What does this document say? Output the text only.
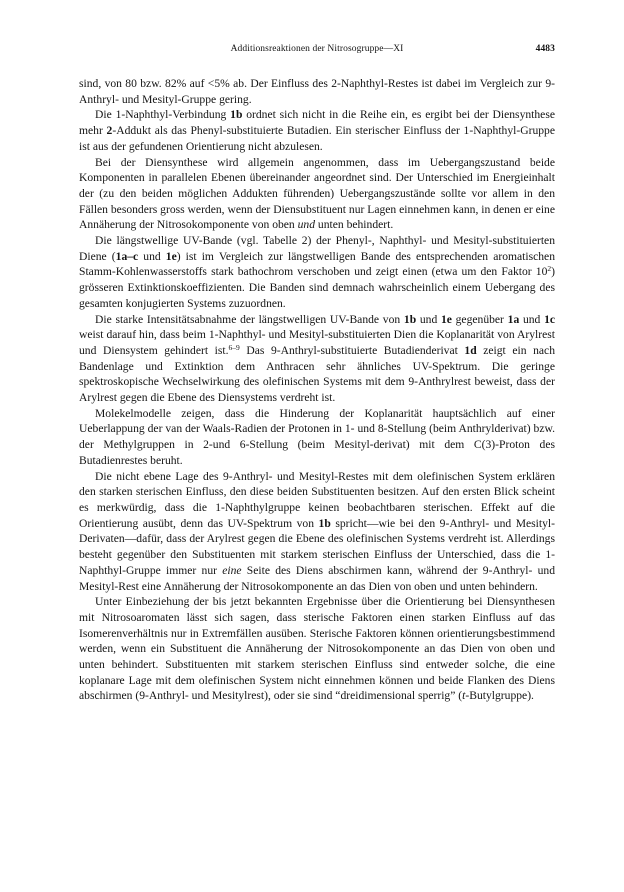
Additionsreaktionen der Nitrosogruppe—XI	4483

sind, von 80 bzw. 82% auf <5% ab. Der Einfluss des 2-Naphthyl-Restes ist dabei im Vergleich zur 9-Anthryl- und Mesityl-Gruppe gering.

Die 1-Naphthyl-Verbindung 1b ordnet sich nicht in die Reihe ein, es ergibt bei der Diensynthese mehr 2-Addukt als das Phenyl-substituierte Butadien. Ein sterischer Einfluss der 1-Naphthyl-Gruppe ist aus der gefundenen Orientierung nicht abzulesen.

Bei der Diensynthese wird allgemein angenommen, dass im Uebergangszustand beide Komponenten in parallelen Ebenen übereinander angeordnet sind. Der Unterschied im Energieinhalt der (zu den beiden möglichen Addukten führenden) Uebergangszustände sollte vor allem in den Fällen besonders gross werden, wenn der Diensubstituent nur Lagen einnehmen kann, in denen er eine Annäherung der Nitrosokomponente von oben und unten behindert.

Die längstwellige UV-Bande (vgl. Tabelle 2) der Phenyl-, Naphthyl- und Mesityl-substituierten Diene (1a–c und 1e) ist im Vergleich zur längstwelligen Bande des entsprechenden aromatischen Stamm-Kohlenwasserstoffs stark bathochrom verschoben und zeigt einen (etwa um den Faktor $10^2$) grösseren Extinktionskoeffizienten. Die Banden sind demnach wahrscheinlich einem Uebergang des gesamten konjugierten Systems zuzuordnen.

Die starke Intensitätsabnahme der längstwelligen UV-Bande von 1b und 1e gegenüber 1a und 1c weist darauf hin, dass beim 1-Naphthyl- und Mesityl-substituierten Dien die Koplanarität von Arylrest und Diensystem gehindert ist.$^{6-9}$ Das 9-Anthryl-substituierte Butadienderivat 1d zeigt ein nach Bandenlage und Extinktion dem Anthracen sehr ähnliches UV-Spektrum. Die geringe spektroskopische Wechselwirkung des olefinischen Systems mit dem 9-Anthrylrest beweist, dass der Arylrest gegen die Ebene des Diensystems verdreht ist.

Molekelmodelle zeigen, dass die Hinderung der Koplanarität hauptsächlich auf einer Ueberlappung der van der Waals-Radien der Protonen in 1- und 8-Stellung (beim Anthrylderivat) bzw. der Methylgruppen in 2-und 6-Stellung (beim Mesityl-derivat) mit dem C(3)-Proton des Butadienrestes beruht.

Die nicht ebene Lage des 9-Anthryl- und Mesityl-Restes mit dem olefinischen System erklären den starken sterischen Einfluss, den diese beiden Substituenten besitzen. Auf den ersten Blick scheint es merkwürdig, dass die 1-Naphthylgruppe keinen beobachtbaren sterischen. Effekt auf die Orientierung ausübt, denn das UV-Spektrum von 1b spricht—wie bei den 9-Anthryl- und Mesityl-Derivaten—dafür, dass der Arylrest gegen die Ebene des olefinischen Systems verdreht ist. Allerdings besteht gegenüber den Substituenten mit starkem sterischen Einfluss der Unterschied, dass die 1-Naphthyl-Gruppe immer nur eine Seite des Diens abschirmen kann, während der 9-Anthryl- und Mesityl-Rest eine Annäherung der Nitrosokomponente an das Dien von oben und unten behindern.

Unter Einbeziehung der bis jetzt bekannten Ergebnisse über die Orientierung bei Diensynthesen mit Nitrosoaromaten lässt sich sagen, dass sterische Faktoren einen starken Einfluss auf das Isomerenverhältnis nur in Extremfällen ausüben. Sterische Faktoren können orientierungsbestimmend werden, wenn ein Substituent die Annäherung der Nitrosokomponente an das Dien von oben und unten behindert. Substituenten mit starkem sterischen Einfluss sind entweder solche, die eine koplanare Lage mit dem olefinischen System nicht einnehmen können und beide Flanken des Diens abschirmen (9-Anthryl- und Mesitylrest), oder sie sind “dreidimensional sperrig” (t-Butylgruppe).
